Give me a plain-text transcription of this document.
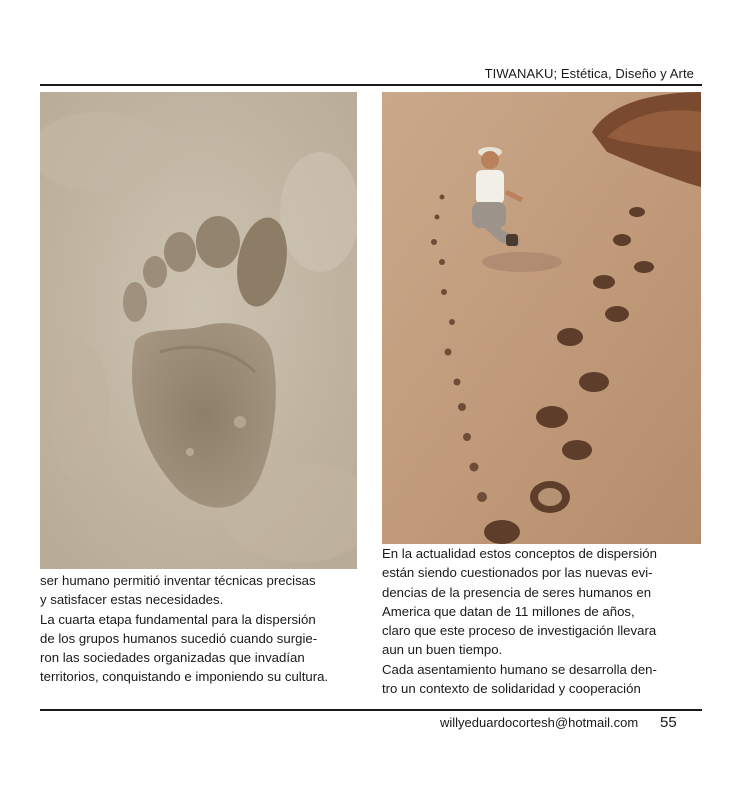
TIWANAKU; Estética, Diseño y Arte

ser humano permitió inventar técnicas precisas

y satisfacer estas necesidades.

La cuarta etapa fundamental para la dispersión

de los grupos humanos sucedió cuando surgie-

ron las sociedades organizadas que invadían

territorios, conquistando e imponiendo su cultura.

En la actualidad estos conceptos de dispersión

están siendo cuestionados por las nuevas evi-

dencias de la presencia de seres humanos en

America que datan de 11 millones de años,

claro que este proceso de investigación llevara

aun un buen tiempo.

Cada asentamiento humano se desarrolla den-

tro un contexto de solidaridad y cooperación

willyeduardocortesh@hotmail.com 55
